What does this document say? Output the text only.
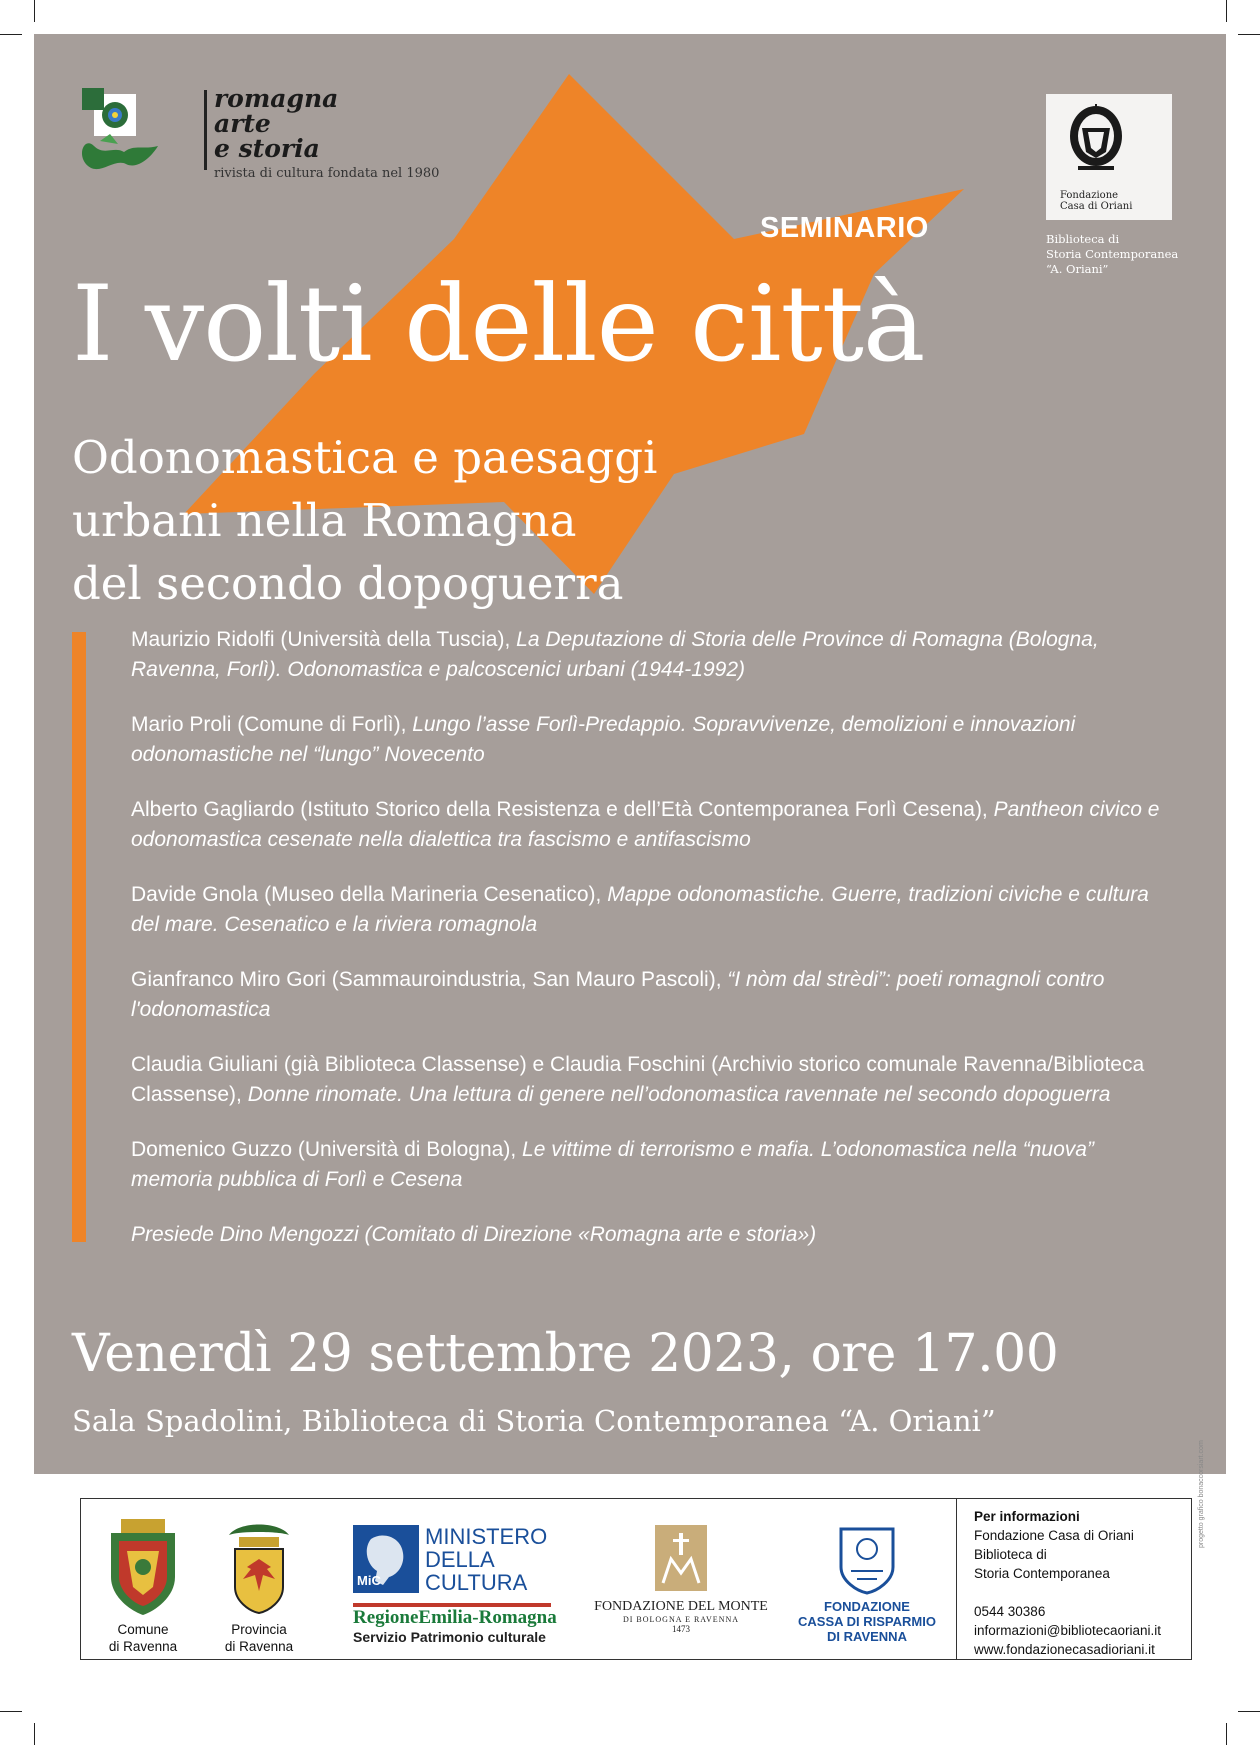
romagna
arte
e storia
rivista di cultura fondata nel 1980
Fondazione
Casa di Oriani
Biblioteca di
Storia Contemporanea
“A. Oriani”
SEMINARIO
I volti delle città
Odonomastica e paesaggi
urbani nella Romagna
del secondo dopoguerra
Maurizio Ridolfi (Università della Tuscia), La Deputazione di Storia delle Province di Romagna (Bologna, Ravenna, Forlì). Odonomastica e palcoscenici urbani (1944-1992)
Mario Proli (Comune di Forlì), Lungo l’asse Forlì-Predappio. Sopravvivenze, demolizioni e innovazioni odonomastiche nel “lungo” Novecento
Alberto Gagliardo (Istituto Storico della Resistenza e dell’Età Contemporanea Forlì Cesena), Pantheon civico e odonomastica cesenate nella dialettica tra fascismo e antifascismo
Davide Gnola (Museo della Marineria Cesenatico), Mappe odonomastiche. Guerre, tradizioni civiche e cultura del mare. Cesenatico e la riviera romagnola
Gianfranco Miro Gori (Sammauroindustria, San Mauro Pascoli), “I nòm dal strèdi”: poeti romagnoli contro l'odonomastica
Claudia Giuliani (già Biblioteca Classense) e Claudia Foschini (Archivio storico comunale Ravenna/Biblioteca Classense), Donne rinomate. Una lettura di genere nell’odonomastica ravennate nel secondo dopoguerra
Domenico Guzzo (Università di Bologna), Le vittime di terrorismo e mafia. L’odonomastica nella “nuova” memoria pubblica di Forlì e Cesena
Presiede Dino Mengozzi (Comitato di Direzione «Romagna arte e storia»)
Venerdì 29 settembre 2023, ore 17.00
Sala Spadolini, Biblioteca di Storia Contemporanea “A. Oriani”
Comune
di Ravenna
Provincia
di Ravenna
MiC
MINISTERO
DELLA
CULTURA
RegioneEmilia-Romagna
Servizio Patrimonio culturale
FONDAZIONE DEL MONTE
DI BOLOGNA E RAVENNA
1473
FONDAZIONE
CASSA DI RISPARMIO
DI RAVENNA
Per informazioni
Fondazione Casa di Oriani
Biblioteca di
Storia Contemporanea
0544 30386
informazioni@bibliotecaoriani.it
www.fondazionecasadioriani.it
progetto grafico bonaccorsiart.com
